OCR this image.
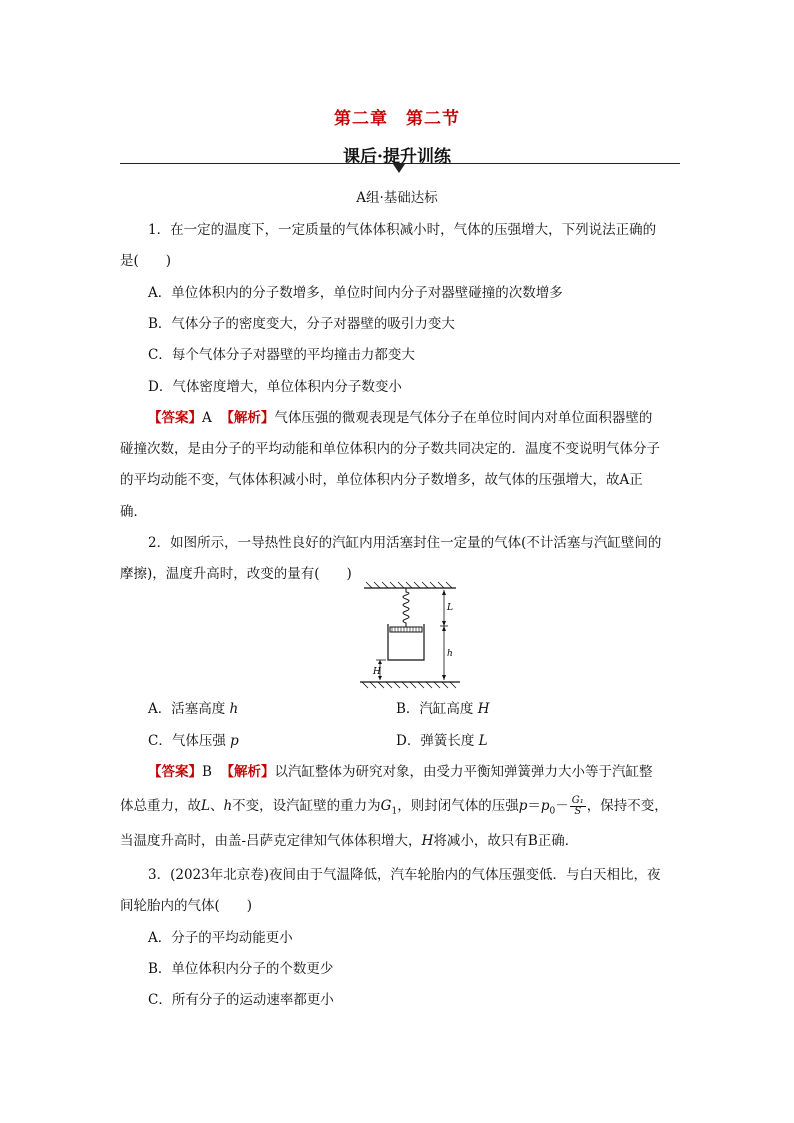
第二章　第二节
课后·提升训练
A组·基础达标
1．在一定的温度下，一定质量的气体体积减小时，气体的压强增大，下列说法正确的
是(　　)
A．单位体积内的分子数增多，单位时间内分子对器壁碰撞的次数增多
B．气体分子的密度变大，分子对器壁的吸引力变大
C．每个气体分子对器壁的平均撞击力都变大
D．气体密度增大，单位体积内分子数变小
【答案】A 【解析】气体压强的微观表现是气体分子在单位时间内对单位面积器壁的
碰撞次数，是由分子的平均动能和单位体积内的分子数共同决定的．温度不变说明气体分子
的平均动能不变，气体体积减小时，单位体积内分子数增多，故气体的压强增大，故A正
确．
2．如图所示，一导热性良好的汽缸内用活塞封住一定量的气体(不计活塞与汽缸壁间的
摩擦)，温度升高时，改变的量有(　　)
L
h
H
A．活塞高度 h	B．汽缸高度 H
C．气体压强 p	D．弹簧长度 L
【答案】B 【解析】以汽缸整体为研究对象，由受力平衡知弹簧弹力大小等于汽缸整
体总重力，故L、h不变，设汽缸壁的重力为$G_1$，则封闭气体的压强$p=p_0- \frac{\text{G₁}}{S}$ ，保持不变，
当温度升高时，由盖-吕萨克定律知气体体积增大，H将减小，故只有B正确．
3．(2023年北京卷)夜间由于气温降低，汽车轮胎内的气体压强变低．与白天相比，夜
间轮胎内的气体(　　)
A．分子的平均动能更小
B．单位体积内分子的个数更少
C．所有分子的运动速率都更小
